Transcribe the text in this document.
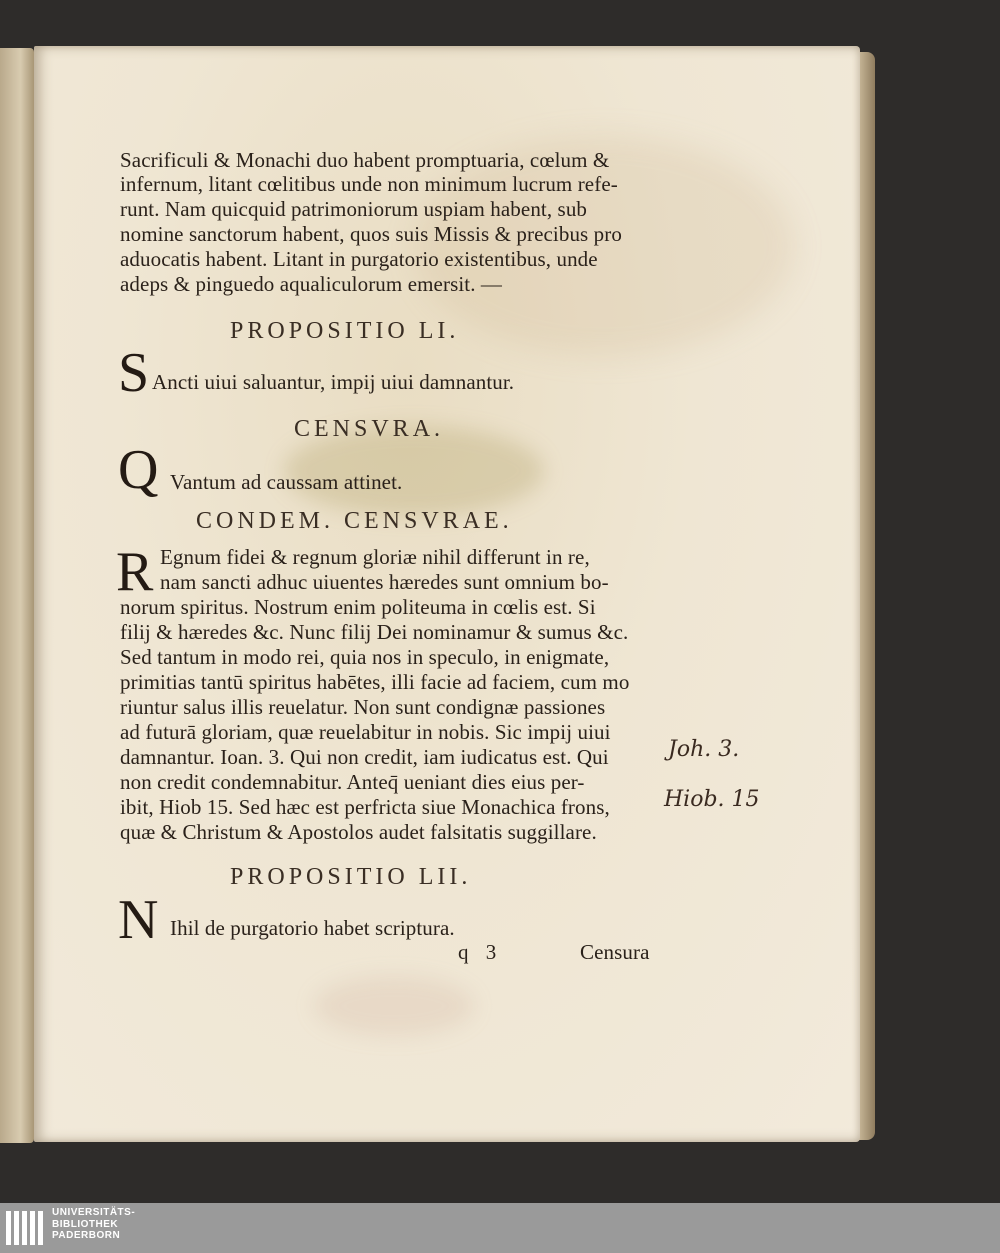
Sacrificuli & Monachi duo habent promptuaria, cœlum &
infernum, litant cœlitibus unde non minimum lucrum refe-
runt. Nam quicquid patrimoniorum uspiam habent, sub
nomine sanctorum habent, quos suis Missis & precibus pro
aduocatis habent. Litant in purgatorio existentibus, unde
adeps & pinguedo aqualiculorum emersit. —
PROPOSITIO LI.
S Ancti uiui saluantur, impij uiui damnantur.
CENSVRA.
Q Vantum ad caussam attinet.
CONDEM. CENSVRAE.
R Egnum fidei & regnum gloriæ nihil differunt in re,
nam sancti adhuc uiuentes hæredes sunt omnium bo-
norum spiritus. Nostrum enim politeuma in cœlis est. Si
filij & hæredes &c. Nunc filij Dei nominamur & sumus &c.
Sed tantum in modo rei, quia nos in speculo, in enigmate,
primitias tantū spiritus habētes, illi facie ad faciem, cum mo
riuntur salus illis reuelatur. Non sunt condignæ passiones
ad futurā gloriam, quæ reuelabitur in nobis. Sic impij uiui
damnantur. Ioan. 3. Qui non credit, iam iudicatus est. Qui
non credit condemnabitur. Anteq̄ ueniant dies eius per-
ibit, Hiob 15. Sed hæc est perfricta siue Monachica frons,
quæ & Christum & Apostolos audet falsitatis suggillare.
Joh. 3.
Hiob. 15
PROPOSITIO LII.
N Ihil de purgatorio habet scriptura.
q 3	Censura
UNIVERSITÄTS-
BIBLIOTHEK
PADERBORN
